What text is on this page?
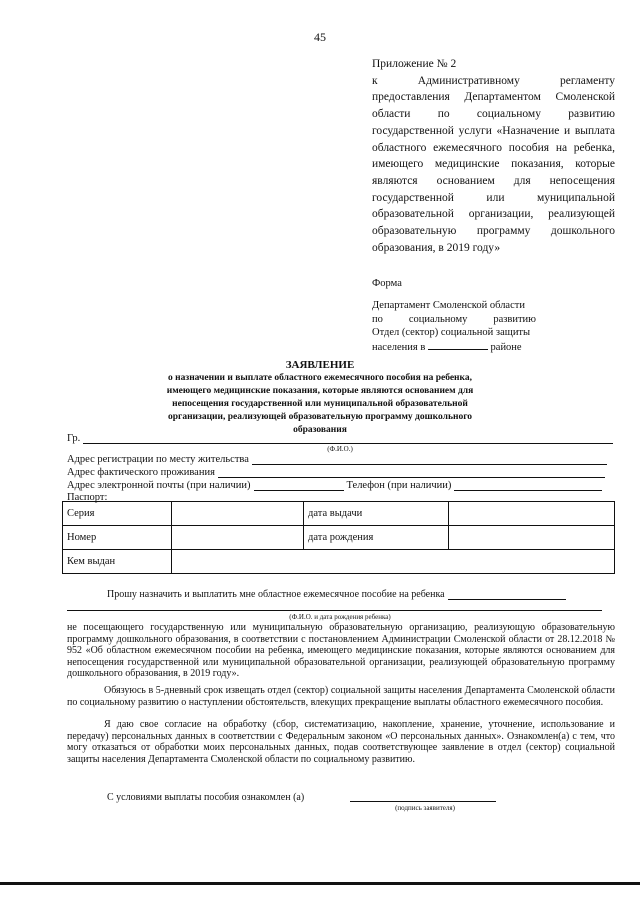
45
Приложение № 2
к Административному регламенту предоставления Департаментом Смоленской области по социальному развитию государственной услуги «Назначение и выплата областного ежемесячного пособия на ребенка, имеющего медицинские показания, которые являются основанием для непосещения государственной или муниципальной образовательной организации, реализующей образовательную программу дошкольного образования, в 2019 году»
Форма
Департамент Смоленской области
по социальному развитию
Отдел (сектор) социальной защиты
населения в	районе
ЗАЯВЛЕНИЕ
о назначении и выплате областного ежемесячного пособия на ребенка, имеющего медицинские показания, которые являются основанием для непосещения государственной или муниципальной образовательной организации, реализующей образовательную программу дошкольного образования
Гр.
(Ф.И.О.)
Адрес регистрации по месту жительства
Адрес фактического проживания
Адрес электронной почты (при наличии)	Телефон (при наличии)
Паспорт:
Серия		дата выдачи	
Номер		дата рождения	
Кем выдан			
Прошу назначить и выплатить мне областное ежемесячное пособие на ребенка
(Ф.И.О. и дата рождения ребенка)
не посещающего государственную или муниципальную образовательную организацию, реализующую образовательную программу дошкольного образования, в соответствии с постановлением Администрации Смоленской области от 28.12.2018 № 952 «Об областном ежемесячном пособии на ребенка, имеющего медицинские показания, которые являются основанием для непосещения государственной или муниципальной образовательной организации, реализующей образовательную программу дошкольного образования, в 2019 году».
Обязуюсь в 5-дневный срок извещать отдел (сектор) социальной защиты населения Департамента Смоленской области по социальному развитию о наступлении обстоятельств, влекущих прекращение выплаты областного ежемесячного пособия.
Я даю свое согласие на обработку (сбор, систематизацию, накопление, хранение, уточнение, использование и передачу) персональных данных в соответствии с Федеральным законом «О персональных данных». Ознакомлен(а) с тем, что могу отказаться от обработки моих персональных данных, подав соответствующее заявление в отдел (сектор) социальной защиты населения Департамента Смоленской области по социальному развитию.
С условиями выплаты пособия ознакомлен (а)
(подпись заявителя)
